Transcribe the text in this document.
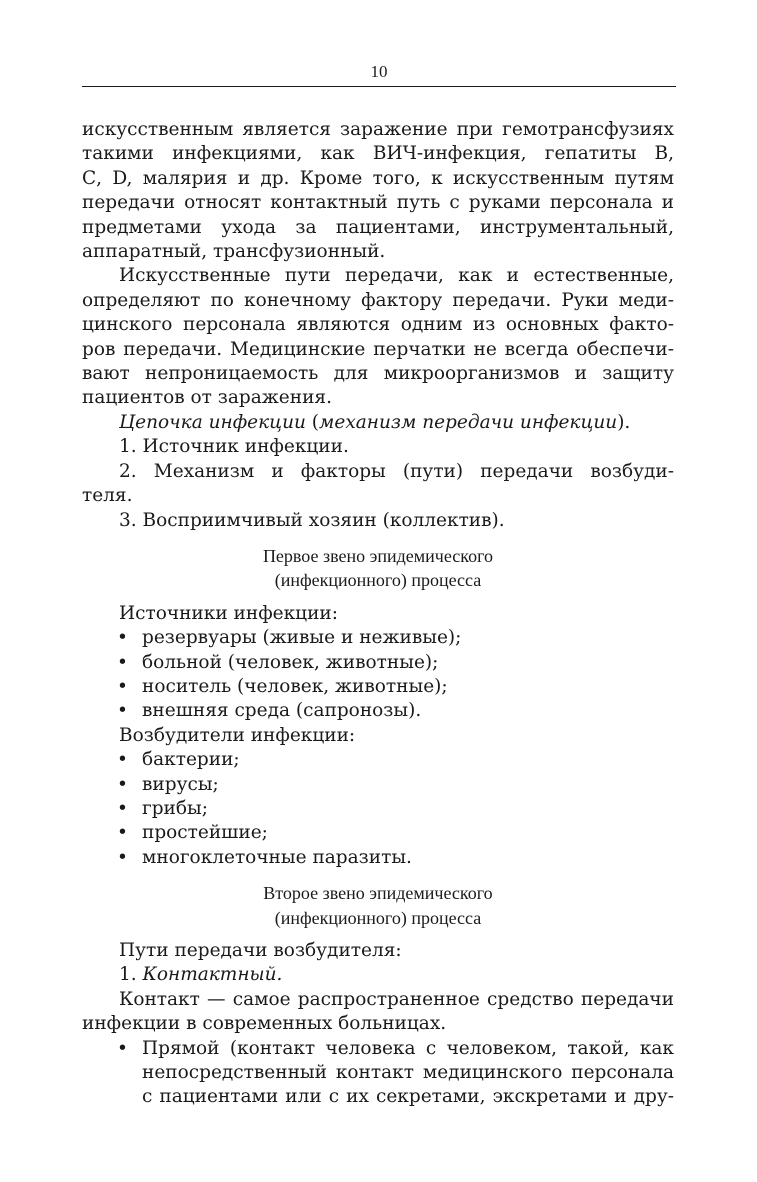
10
искусственным является заражение при гемотрансфузиях
такими инфекциями, как ВИЧ-инфекция, гепатиты В,
С, D, малярия и др. Кроме того, к искусственным путям
передачи относят контактный путь с руками персонала и
предметами ухода за пациентами, инструментальный,
аппаратный, трансфузионный.
Искусственные пути передачи, как и естественные,
определяют по конечному фактору передачи. Руки меди-
цинского персонала являются одним из основных факто-
ров передачи. Медицинские перчатки не всегда обеспечи-
вают непроницаемость для микроорганизмов и защиту
пациентов от заражения.
Цепочка инфекции (механизм передачи инфекции).
1. Источник инфекции.
2. Механизм и факторы (пути) передачи возбуди-
теля.
3. Восприимчивый хозяин (коллектив).
Первое звено эпидемического
(инфекционного) процесса
Источники инфекции:
• резервуары (живые и неживые);
• больной (человек, животные);
• носитель (человек, животные);
• внешняя среда (сапронозы).
Возбудители инфекции:
• бактерии;
• вирусы;
• грибы;
• простейшие;
• многоклеточные паразиты.
Второе звено эпидемического
(инфекционного) процесса
Пути передачи возбудителя:
1. Контактный.
Контакт — самое распространенное средство передачи
инфекции в современных больницах.
• Прямой (контакт человека с человеком, такой, как
непосредственный контакт медицинского персонала
с пациентами или с их секретами, экскретами и дру-
